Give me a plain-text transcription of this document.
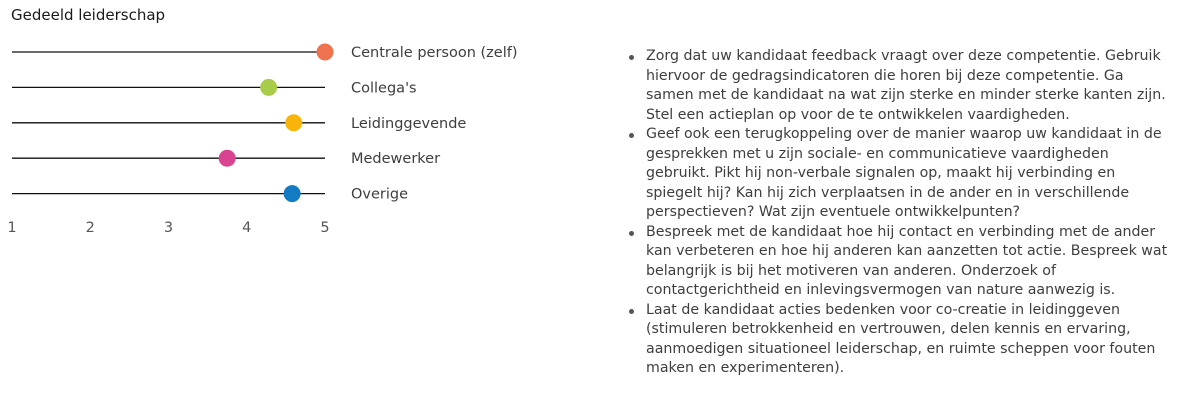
Gedeeld leiderschap
Centrale persoon (zelf)
Collega's
Leidinggevende
Medewerker
Overige
1	2	3	4	5
Zorg dat uw kandidaat feedback vraagt over deze competentie. Gebruik hiervoor de gedragsindicatoren die horen bij deze competentie. Ga samen met de kandidaat na wat zijn sterke en minder sterke kanten zijn. Stel een actieplan op voor de te ontwikkelen vaardigheden.
Geef ook een terugkoppeling over de manier waarop uw kandidaat in de gesprekken met u zijn sociale- en communicatieve vaardigheden gebruikt. Pikt hij non-verbale signalen op, maakt hij verbinding en spiegelt hij? Kan hij zich verplaatsen in de ander en in verschillende perspectieven? Wat zijn eventuele ontwikkelpunten?
Bespreek met de kandidaat hoe hij contact en verbinding met de ander kan verbeteren en hoe hij anderen kan aanzetten tot actie. Bespreek wat belangrijk is bij het motiveren van anderen. Onderzoek of contactgerichtheid en inlevingsvermogen van nature aanwezig is.
Laat de kandidaat acties bedenken voor co-creatie in leidinggeven (stimuleren betrokkenheid en vertrouwen, delen kennis en ervaring, aanmoedigen situationeel leiderschap, en ruimte scheppen voor fouten maken en experimenteren).
